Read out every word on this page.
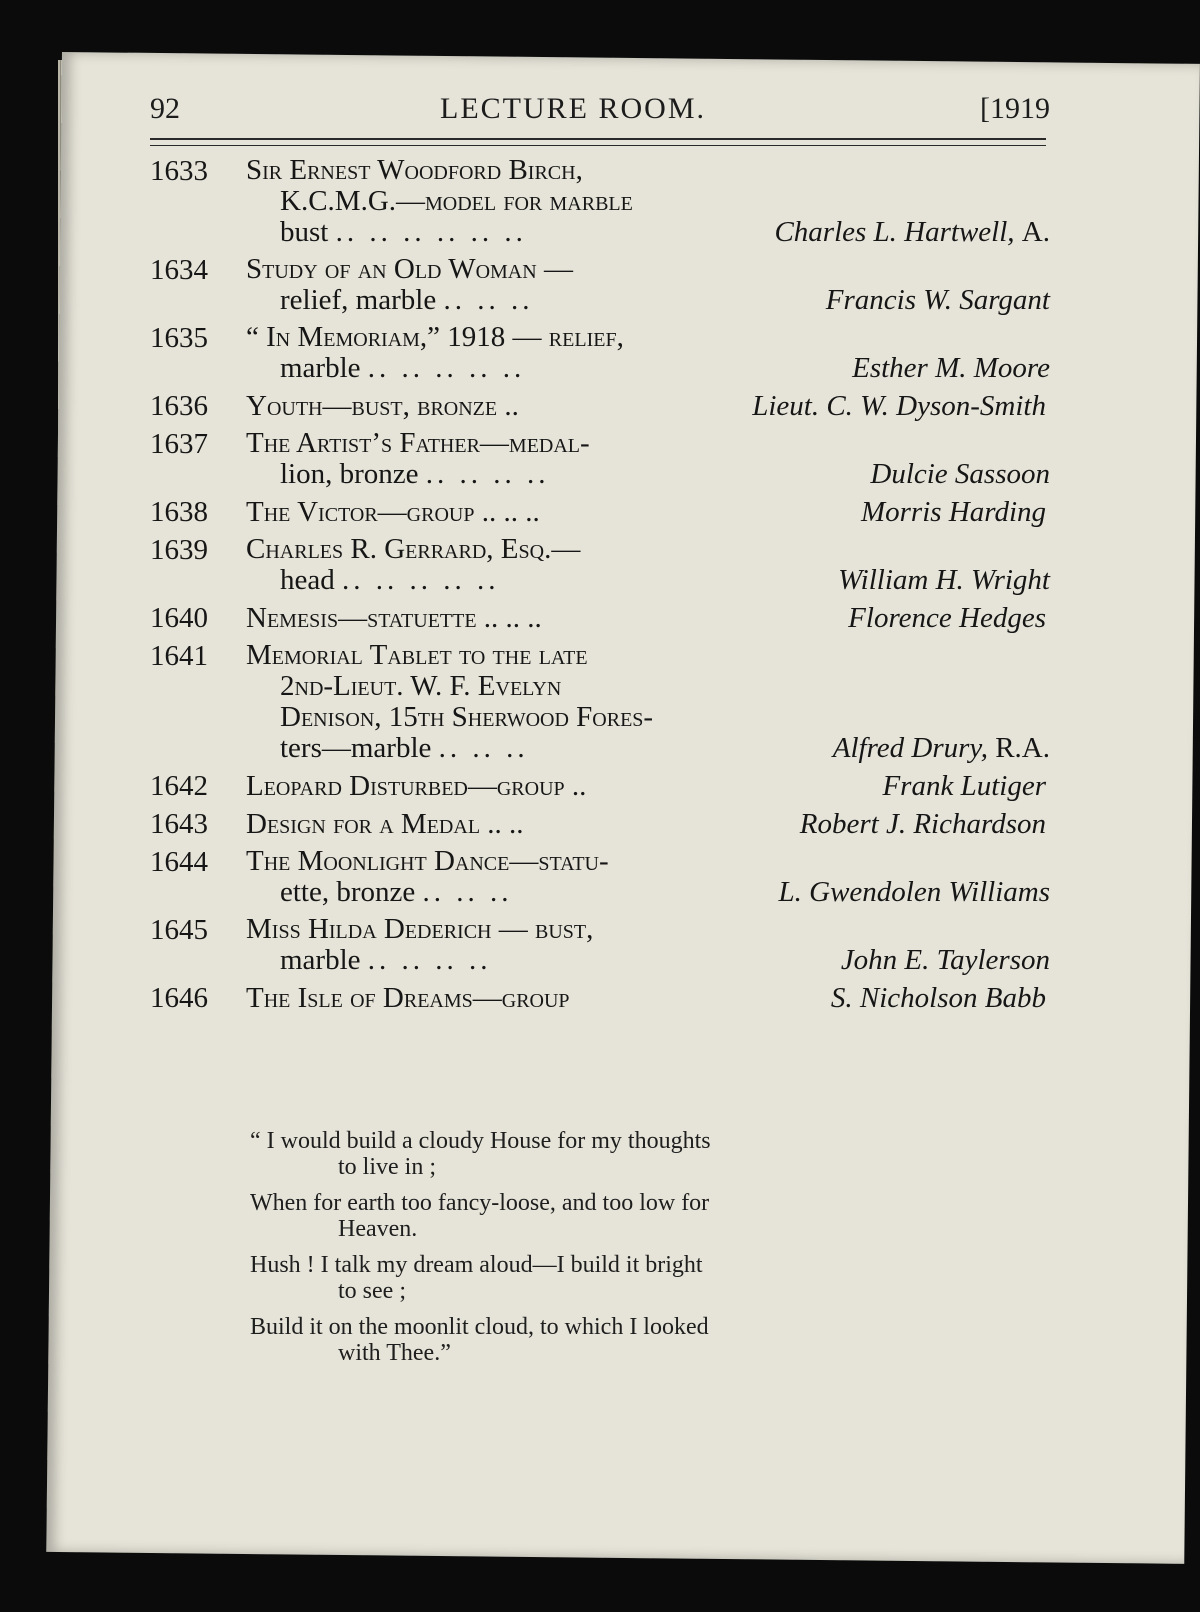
92	LECTURE ROOM.	[1919
1633	Sir Ernest Woodford Birch,
K.C.M.G.—model for marble
bust .. .. .. .. .. ..	Charles L. Hartwell, A.
1634	Study of an Old Woman —
relief, marble .. .. ..	Francis W. Sargant
1635	“ In Memoriam,” 1918 — relief,
marble .. .. .. .. ..	Esther M. Moore
1636	Youth—bust, bronze ..	Lieut. C. W. Dyson-Smith
1637	The Artist’s Father—medal-
lion, bronze .. .. .. ..	Dulcie Sassoon
1638	The Victor—group .. .. ..	Morris Harding
1639	Charles R. Gerrard, Esq.—
head .. .. .. .. ..	William H. Wright
1640	Nemesis—statuette .. .. ..	Florence Hedges
1641	Memorial Tablet to the late
2nd-Lieut. W. F. Evelyn
Denison, 15th Sherwood Fores-
ters—marble .. .. ..	Alfred Drury, R.A.
1642	Leopard Disturbed—group ..	Frank Lutiger
1643	Design for a Medal .. ..	Robert J. Richardson
1644	The Moonlight Dance—statu-
ette, bronze .. .. ..	L. Gwendolen Williams
1645	Miss Hilda Dederich — bust,
marble .. .. .. ..	John E. Taylerson
1646	The Isle of Dreams—group	S. Nicholson Babb
“ I would build a cloudy House for my thoughts
to live in ;
When for earth too fancy-loose, and too low for
Heaven.
Hush ! I talk my dream aloud—I build it bright
to see ;
Build it on the moonlit cloud, to which I looked
with Thee.”
